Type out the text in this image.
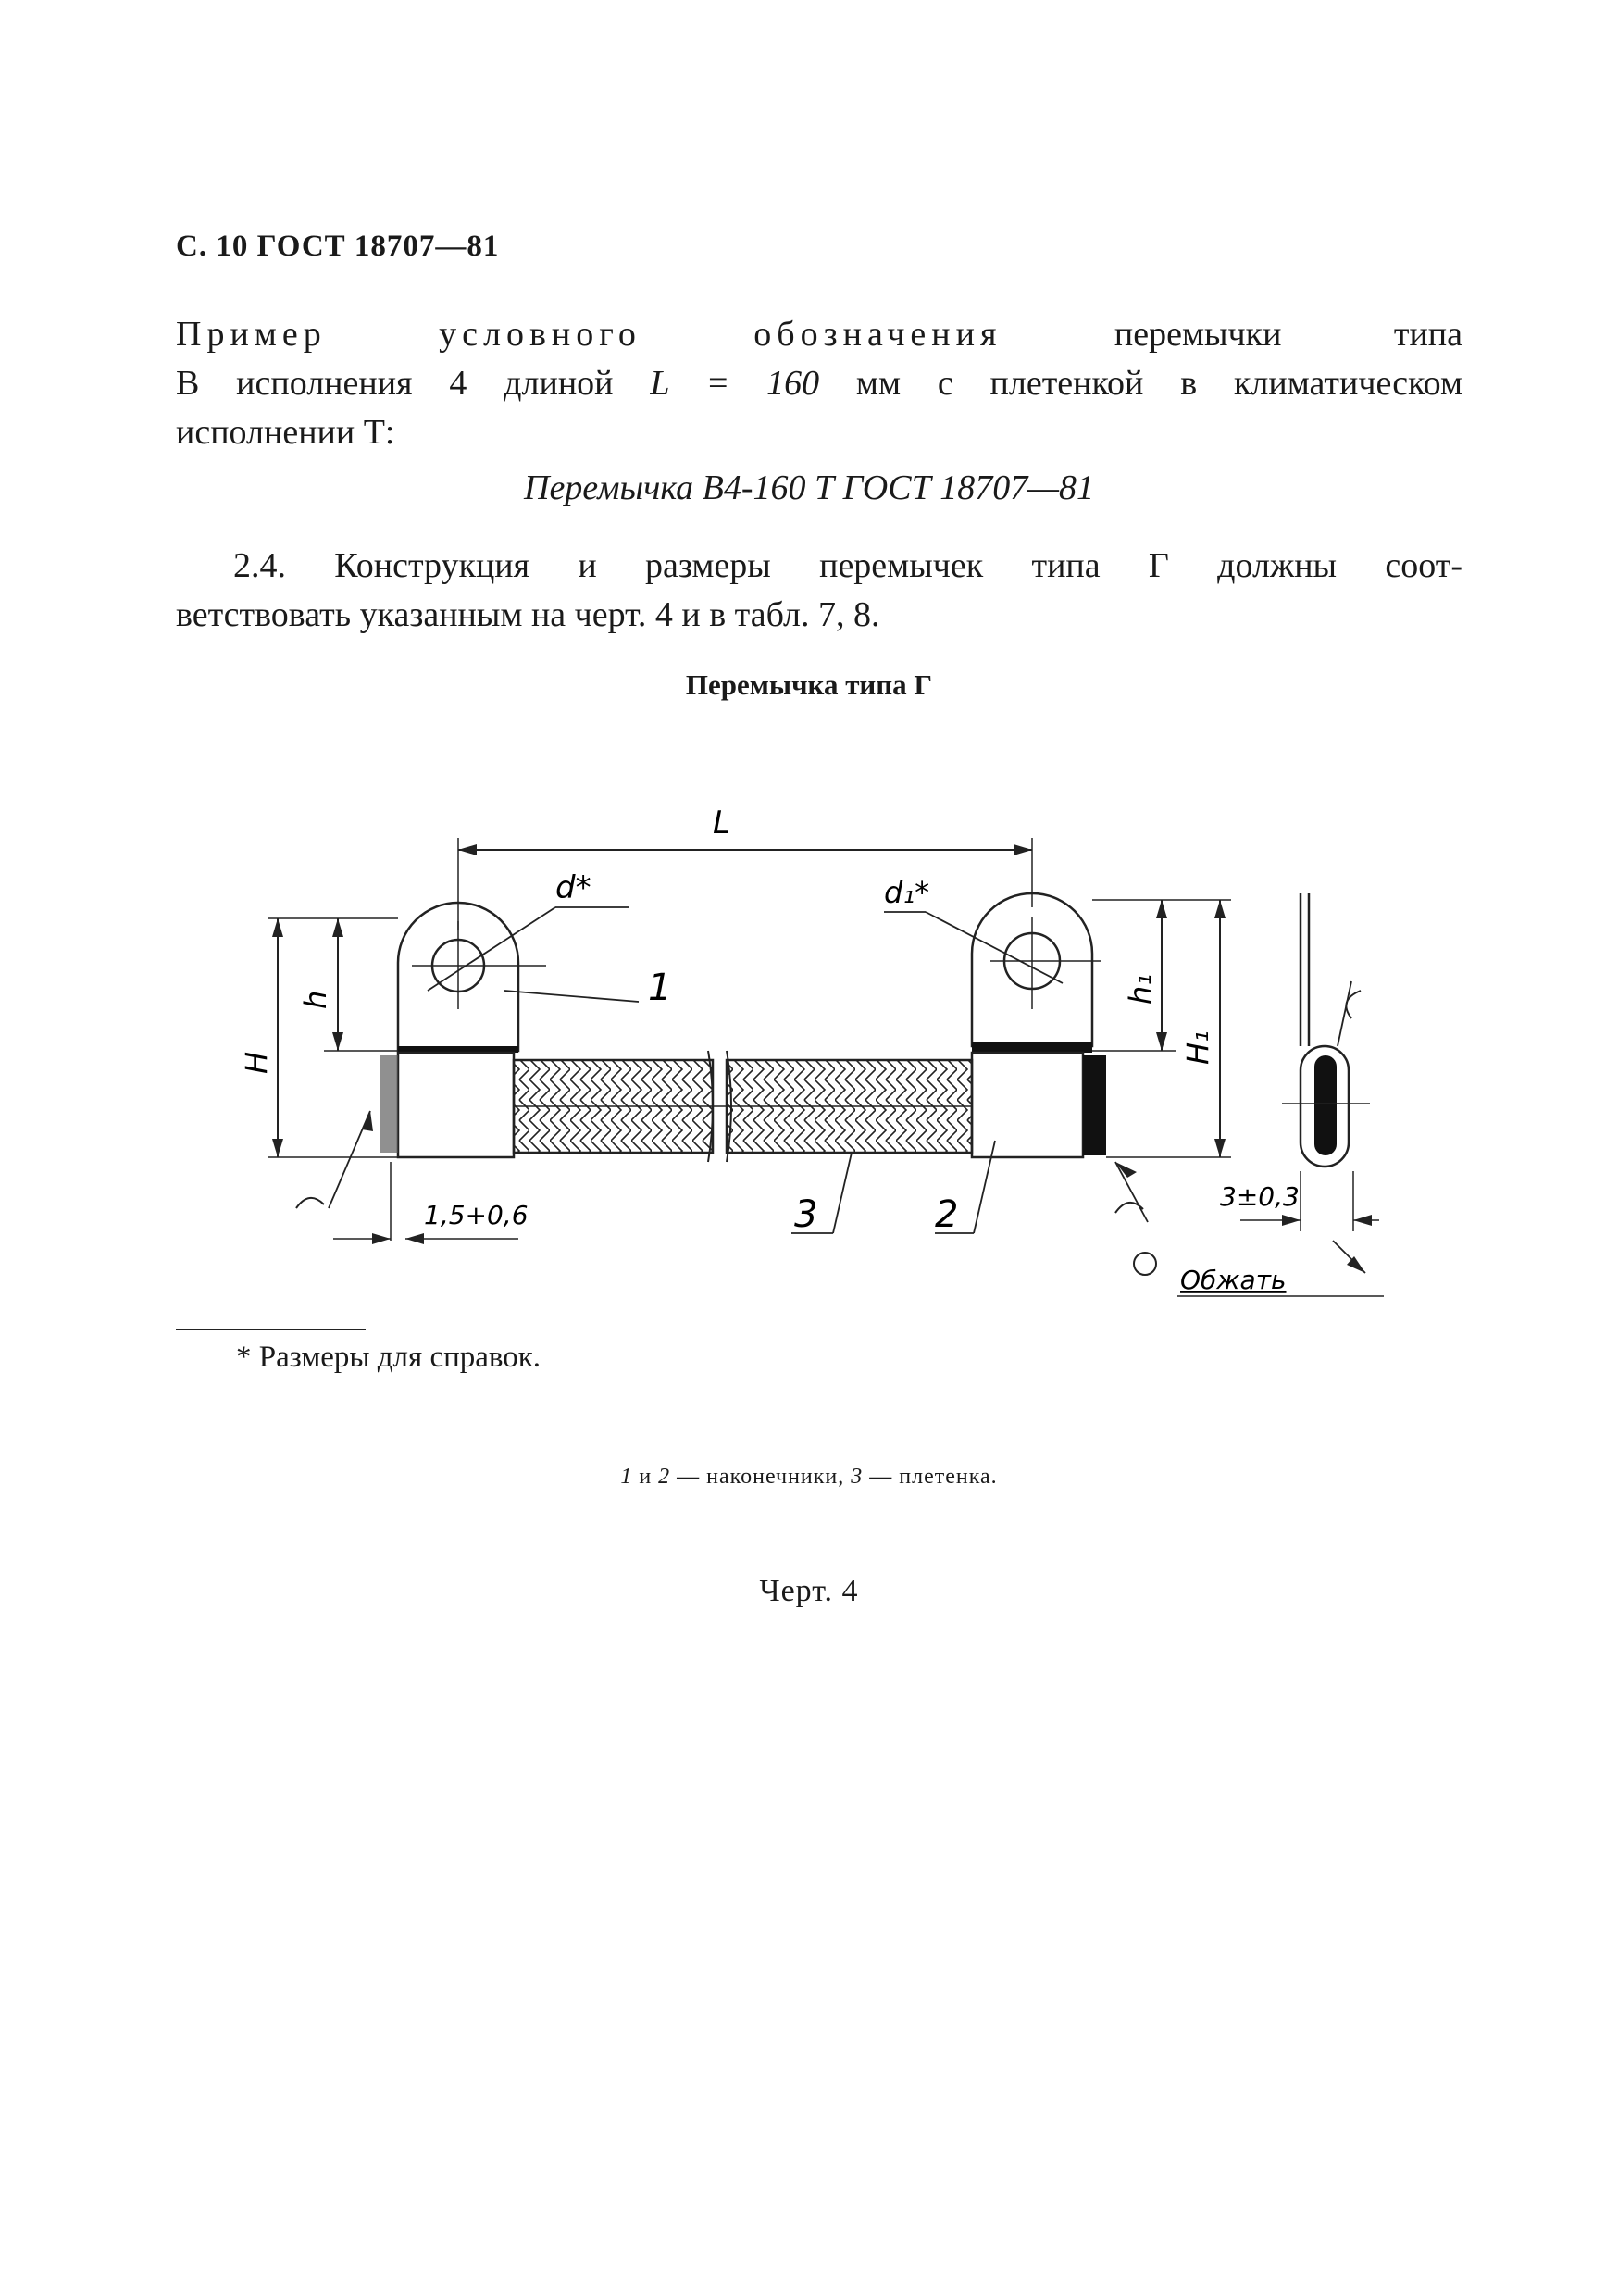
С. 10 ГОСТ 18707—81
Пример	условного	обозначения	перемычки	типа
В исполнения 4 длиной L = 160 мм с плетенкой в климатическом
исполнении Т:
Перемычка В4-160 Т ГОСТ 18707—81
2.4. Конструкция и размеры перемычек типа Г должны соот-
ветствовать указанным на черт. 4 и в табл. 7, 8.
Перемычка типа Г
L
d*
1
3
d₁*
2
H
h
1,5+0,6
h₁
H₁
3±0,3
Обжать
* Размеры для справок.
1 и 2 — наконечники, 3 — плетенка.
Черт. 4
